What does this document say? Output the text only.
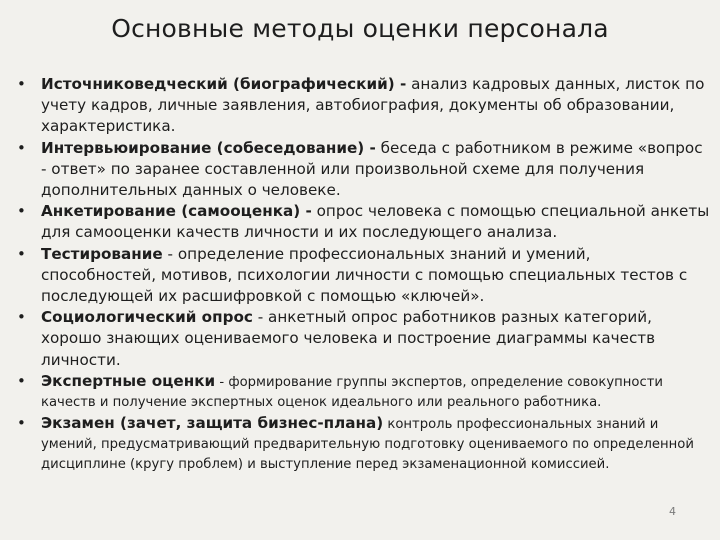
Основные методы оценки персонала
• Источниковедческий (биографический) - анализ кадровых данных, листок по учету кадров, личные заявления, автобиография, документы об образовании, характеристика.
• Интервьюирование (собеседование) - беседа с работником в режиме «вопрос - ответ» по заранее составленной или произвольной схеме для получения дополнительных данных о человеке.
• Анкетирование (самооценка) - опрос человека с помощью специальной анкеты для самооценки качеств личности и их последующего анализа.
• Тестирование - определение профессиональных знаний и умений, способностей, мотивов, психологии личности с помощью специальных тестов с последующей их расшифровкой с помощью «ключей».
• Социологический опрос - анкетный опрос работников разных категорий, хорошо знающих оцениваемого человека и построение диаграммы качеств личности.
• Экспертные оценки - формирование группы экспертов, определение совокупности качеств и получение экспертных оценок идеального или реального работника.
• Экзамен (зачет, защита бизнес-плана) контроль профессиональных знаний и умений, предусматривающий предварительную подготовку оцениваемого по определенной дисциплине (кругу проблем) и выступление перед экзаменационной комиссией.
4
